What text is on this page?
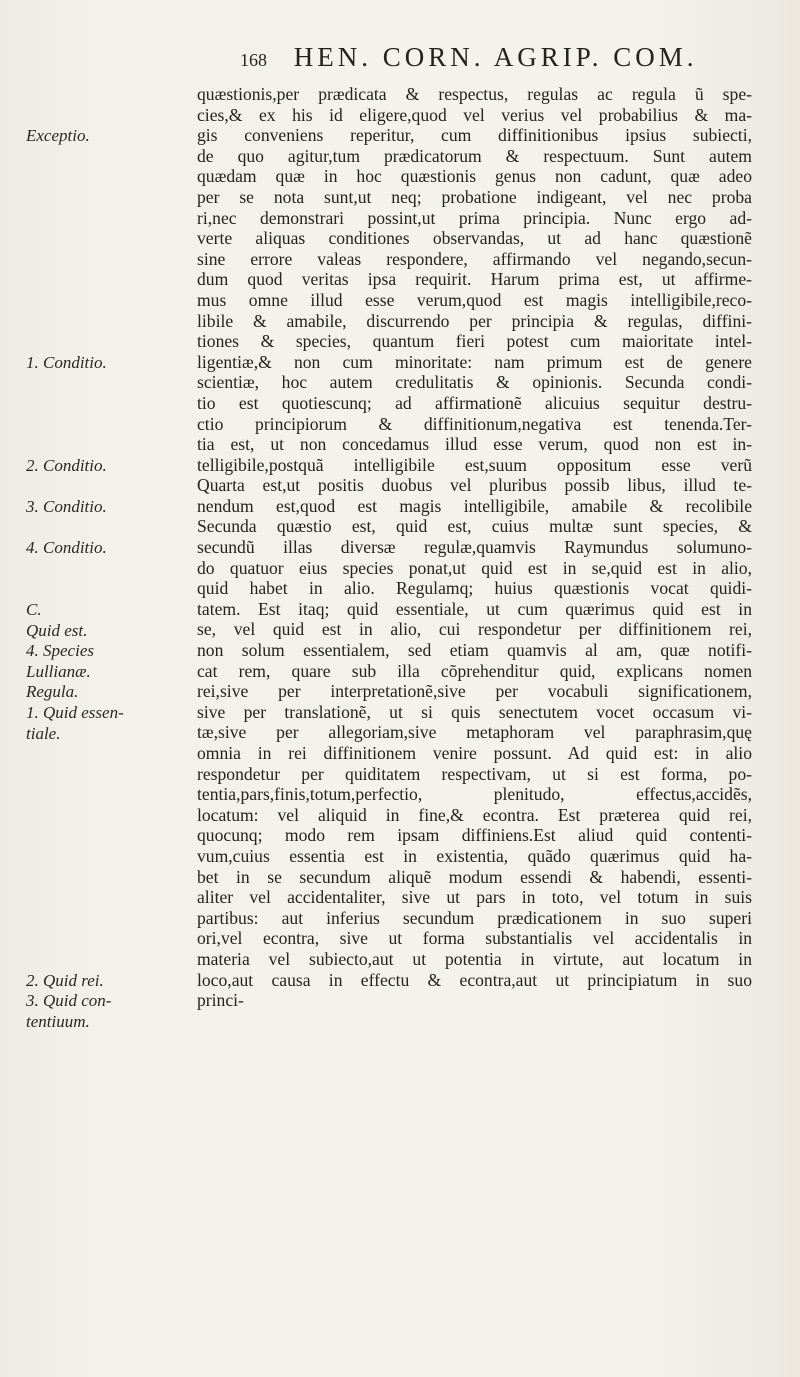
168 HEN. CORN. AGRIP. COM.
Exceptio.
1. Conditio.
2. Conditio.
3. Conditio.
4. Conditio.
C.
Quid est.
4. Species
Lullianæ.
Regula.
1. Quid essen-
tiale.
2. Quid rei.
3. Quid con-
tentiuum.
quæstionis,per prædicata & respectus, regulas ac regula ũ spe-
cies,& ex his id eligere,quod vel verius vel probabilius & ma-
gis conveniens reperitur, cum diffinitionibus ipsius subiecti,
de quo agitur,tum prædicatorum & respectuum. Sunt autem
quædam quæ in hoc quæstionis genus non cadunt, quæ adeo
per se nota sunt,ut neq; probatione indigeant, vel nec proba
ri,nec demonstrari possint,ut prima principia. Nunc ergo ad-
verte aliquas conditiones observandas, ut ad hanc quæstionẽ
sine errore valeas respondere, affirmando vel negando,secun-
dum quod veritas ipsa requirit. Harum prima est, ut affirme-
mus omne illud esse verum,quod est magis intelligibile,reco-
libile & amabile, discurrendo per principia & regulas, diffini-
tiones & species, quantum fieri potest cum maioritate intel-
ligentiæ,& non cum minoritate: nam primum est de genere
scientiæ, hoc autem credulitatis & opinionis. Secunda condi-
tio est quotiescunq; ad affirmationẽ alicuius sequitur destru-
ctio principiorum & diffinitionum,negativa est tenenda.Ter-
tia est, ut non concedamus illud esse verum, quod non est in-
telligibile,postquã intelligibile est,suum oppositum esse verũ
Quarta est,ut positis duobus vel pluribus possib libus, illud te-
nendum est,quod est magis intelligibile, amabile & recolibile
Secunda quæstio est, quid est, cuius multæ sunt species, &
secundũ illas diversæ regulæ,quamvis Raymundus solumuno-
do quatuor eius species ponat,ut quid est in se,quid est in alio,
quid habet in alio. Regulamq; huius quæstionis vocat quidi-
tatem. Est itaq; quid essentiale, ut cum quærimus quid est in
se, vel quid est in alio, cui respondetur per diffinitionem rei,
non solum essentialem, sed etiam quamvis al am, quæ notifi-
cat rem, quare sub illa cõprehenditur quid, explicans nomen
rei,sive per interpretationẽ,sive per vocabuli significationem,
sive per translationẽ, ut si quis senectutem vocet occasum vi-
tæ,sive per allegoriam,sive metaphoram vel paraphrasim,quę
omnia in rei diffinitionem venire possunt. Ad quid est: in alio
respondetur per quiditatem respectivam, ut si est forma, po-
tentia,pars,finis,totum,perfectio, plenitudo, effectus,accidẽs,
locatum: vel aliquid in fine,& econtra. Est præterea quid rei,
quocunq; modo rem ipsam diffiniens.Est aliud quid contenti-
vum,cuius essentia est in existentia, quãdo quærimus quid ha-
bet in se secundum aliquẽ modum essendi & habendi, essenti-
aliter vel accidentaliter, sive ut pars in toto, vel totum in suis
partibus: aut inferius secundum prædicationem in suo superi
ori,vel econtra, sive ut forma substantialis vel accidentalis in
materia vel subiecto,aut ut potentia in virtute, aut locatum in
loco,aut causa in effectu & econtra,aut ut principiatum in suo
princi-
